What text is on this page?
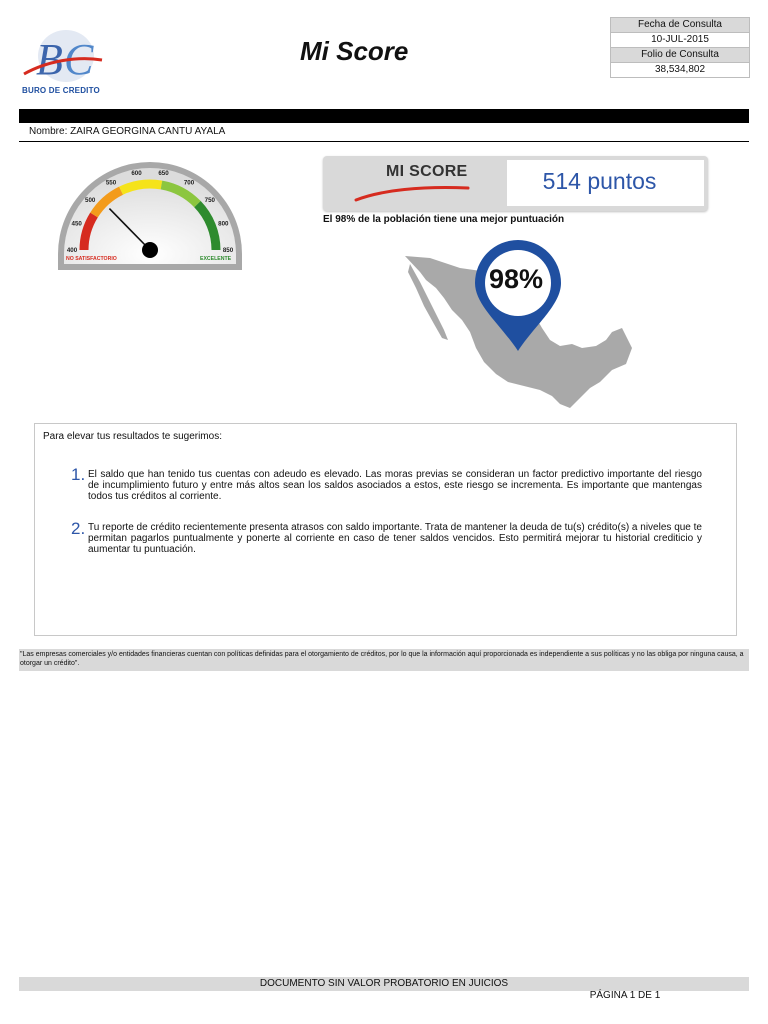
B C
BURO DE CREDITO
Mi Score
Fecha de Consulta
10-JUL-2015
Folio de Consulta
38,534,802
Nombre: ZAIRA GEORGINA CANTU AYALA
400
450
500
550
600	650
700
750
800
850
NO SATISFACTORIO	EXCELENTE
MI SCORE	514 puntos
El 98% de la población tiene una mejor puntuación
98%
Para elevar tus resultados te sugerimos:
1. El saldo que han tenido tus cuentas con adeudo es elevado. Las moras previas se consideran un factor predictivo importante del riesgo de incumplimiento futuro y entre más altos sean los saldos asociados a estos, este riesgo se incrementa. Es importante que mantengas todos tus créditos al corriente.
2. Tu reporte de crédito recientemente presenta atrasos con saldo importante. Trata de mantener la deuda de tu(s) crédito(s) a niveles que te permitan pagarlos puntualmente y ponerte al corriente en caso de tener saldos vencidos. Esto permitirá mejorar tu historial crediticio y aumentar tu puntuación.
"Las empresas comerciales y/o entidades financieras cuentan con políticas definidas para el otorgamiento de créditos, por lo que la información aquí proporcionada es independiente a sus políticas y no las obliga por ninguna causa, a otorgar un crédito".
DOCUMENTO SIN VALOR PROBATORIO EN JUICIOS
PÁGINA 1 DE 1
